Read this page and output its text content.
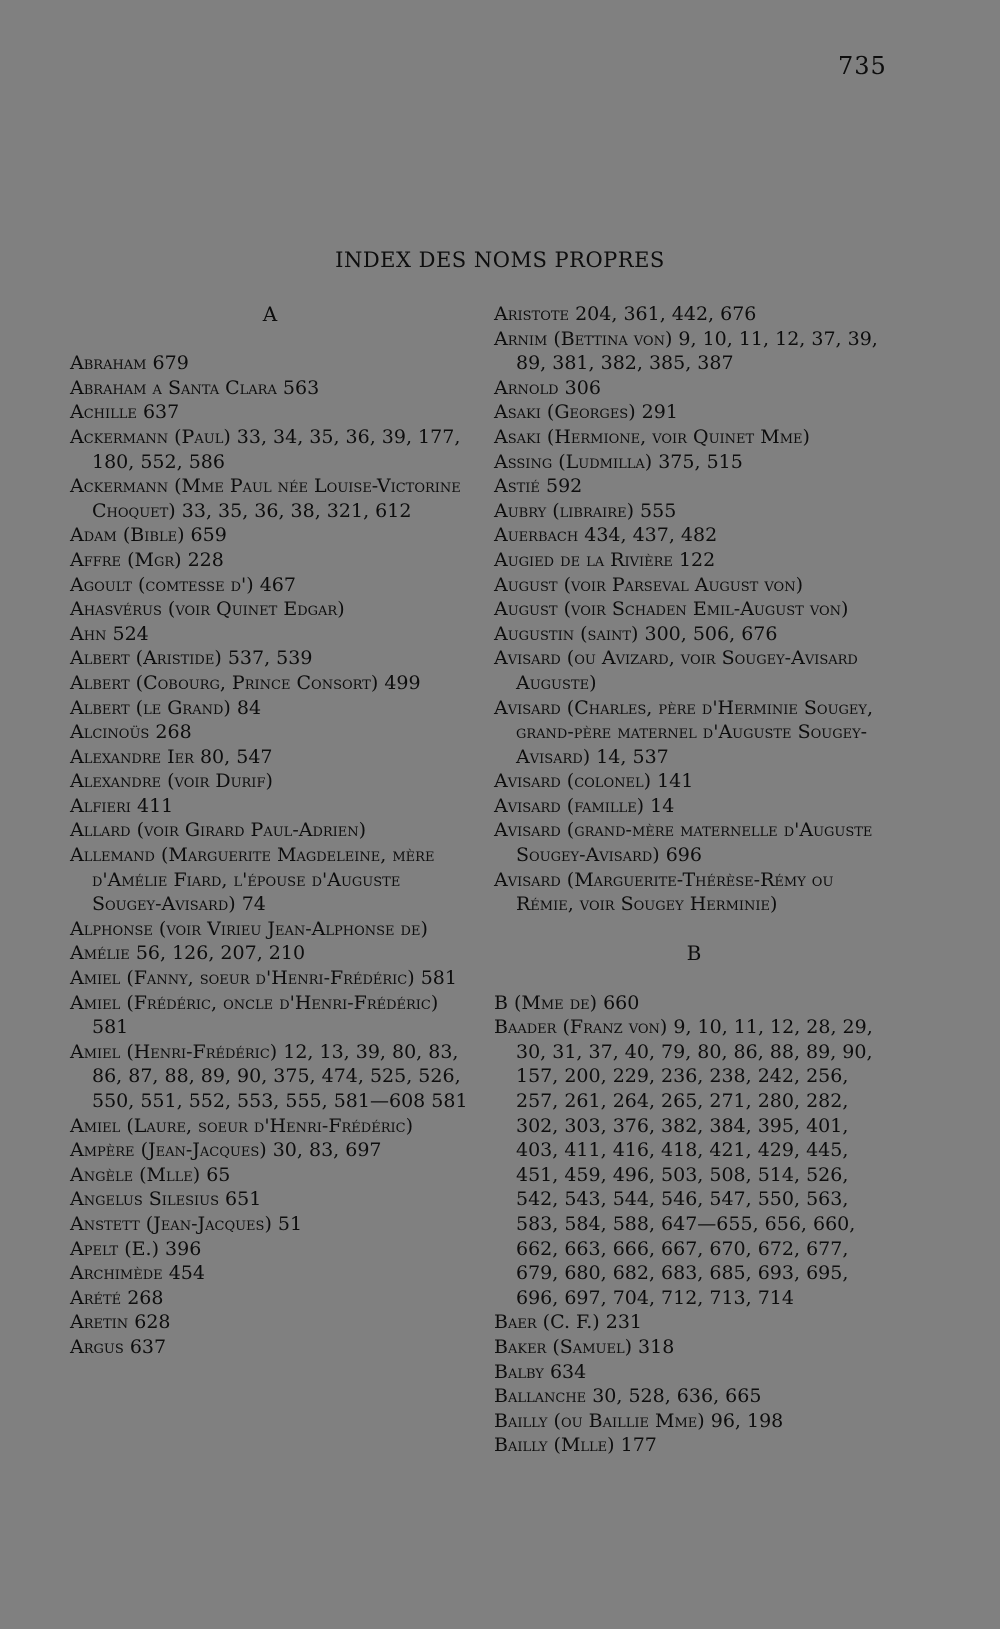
735
INDEX DES NOMS PROPRES
A
Abraham 679
Abraham a Santa Clara 563
Achille 637
Ackermann (Paul) 33, 34, 35, 36, 39, 177, 180, 552, 586
Ackermann (Mme Paul née Louise-Victorine Choquet) 33, 35, 36, 38, 321, 612
Adam (Bible) 659
Affre (Mgr) 228
Agoult (comtesse d') 467
Ahasvérus (voir Quinet Edgar)
Ahn 524
Albert (Aristide) 537, 539
Albert (Cobourg, Prince Consort) 499
Albert (le Grand) 84
Alcinoüs 268
Alexandre Ier 80, 547
Alexandre (voir Durif)
Alfieri 411
Allard (voir Girard Paul-Adrien)
Allemand (Marguerite Magdeleine, mère d'Amélie Fiard, l'épouse d'Auguste Sougey-Avisard) 74
Alphonse (voir Virieu Jean-Alphonse de)
Amélie 56, 126, 207, 210
Amiel (Fanny, soeur d'Henri-Frédéric) 581
Amiel (Frédéric, oncle d'Henri-Frédéric) 581
Amiel (Henri-Frédéric) 12, 13, 39, 80, 83, 86, 87, 88, 89, 90, 375, 474, 525, 526, 550, 551, 552, 553, 555, 581—608 581
Amiel (Laure, soeur d'Henri-Frédéric)
Ampère (Jean-Jacques) 30, 83, 697
Angèle (Mlle) 65
Angelus Silesius 651
Anstett (Jean-Jacques) 51
Apelt (E.) 396
Archimède 454
Arété 268
Aretin 628
Argus 637
Aristote 204, 361, 442, 676
Arnim (Bettina von) 9, 10, 11, 12, 37, 39, 89, 381, 382, 385, 387
Arnold 306
Asaki (Georges) 291
Asaki (Hermione, voir Quinet Mme)
Assing (Ludmilla) 375, 515
Astié 592
Aubry (libraire) 555
Auerbach 434, 437, 482
Augied de la Rivière 122
August (voir Parseval August von)
August (voir Schaden Emil-August von)
Augustin (saint) 300, 506, 676
Avisard (ou Avizard, voir Sougey-Avisard Auguste)
Avisard (Charles, père d'Herminie Sougey, grand-père maternel d'Auguste Sougey-Avisard) 14, 537
Avisard (colonel) 141
Avisard (famille) 14
Avisard (grand-mère maternelle d'Auguste Sougey-Avisard) 696
Avisard (Marguerite-Thérèse-Rémy ou Rémie, voir Sougey Herminie)
B
B (Mme de) 660
Baader (Franz von) 9, 10, 11, 12, 28, 29, 30, 31, 37, 40, 79, 80, 86, 88, 89, 90, 157, 200, 229, 236, 238, 242, 256, 257, 261, 264, 265, 271, 280, 282, 302, 303, 376, 382, 384, 395, 401, 403, 411, 416, 418, 421, 429, 445, 451, 459, 496, 503, 508, 514, 526, 542, 543, 544, 546, 547, 550, 563, 583, 584, 588, 647—655, 656, 660, 662, 663, 666, 667, 670, 672, 677, 679, 680, 682, 683, 685, 693, 695, 696, 697, 704, 712, 713, 714
Baer (C. F.) 231
Baker (Samuel) 318
Balby 634
Ballanche 30, 528, 636, 665
Bailly (ou Baillie Mme) 96, 198
Bailly (Mlle) 177
